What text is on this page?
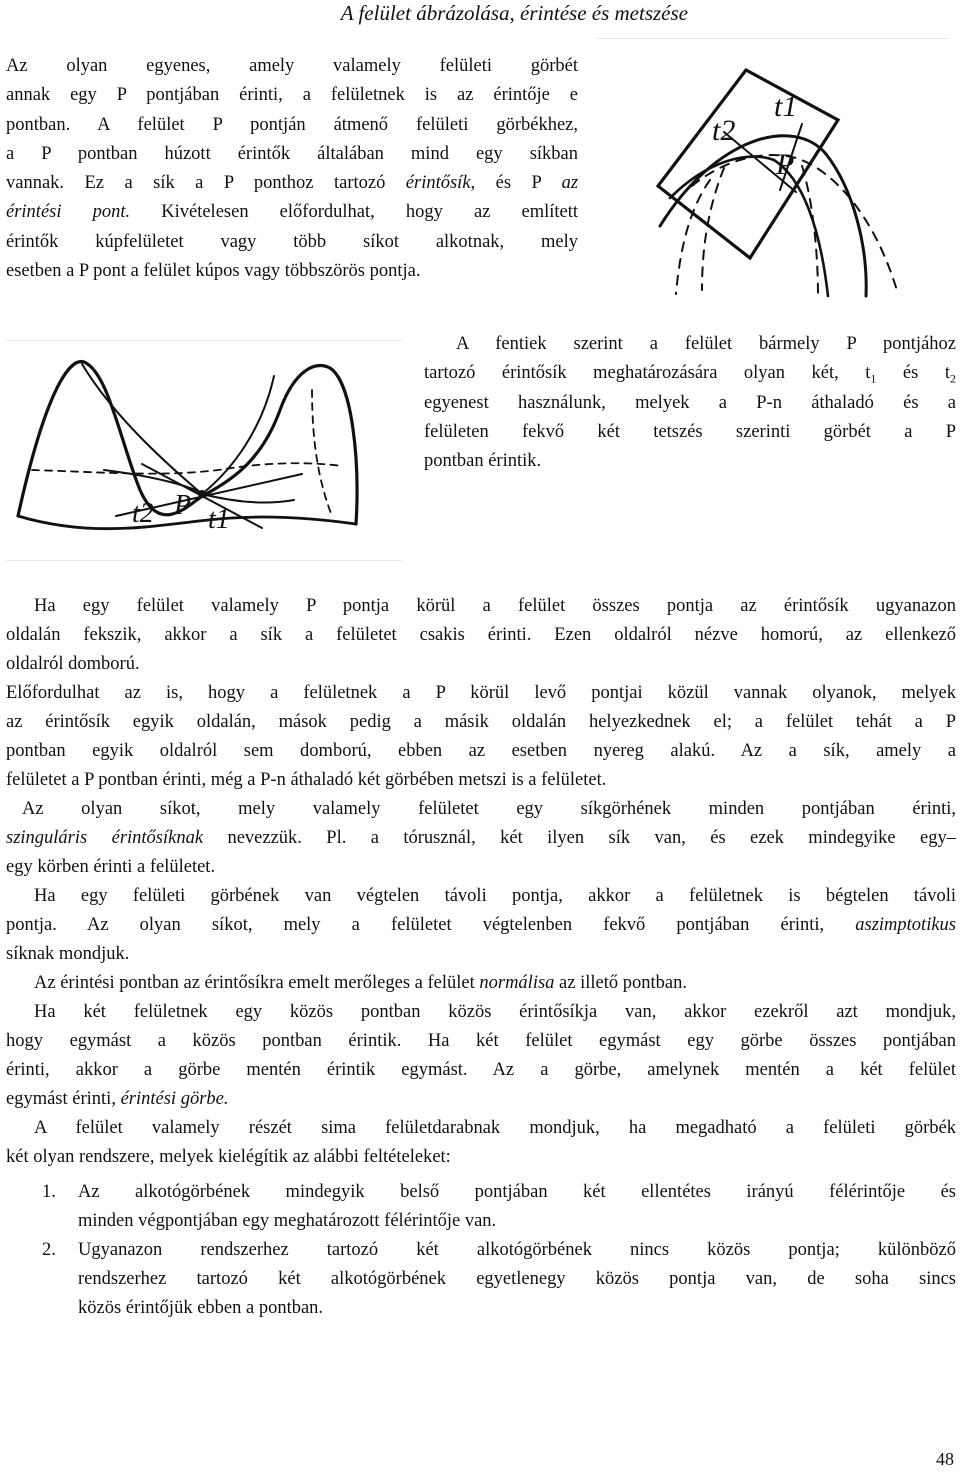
A felület ábrázolása, érintése és metszése
Az olyan egyenes, amely valamely felületi görbét
annak egy P pontjában érinti, a felületnek is az érintője e
pontban. A felület P pontján átmenő felületi görbékhez,
a P pontban húzott érintők általában mind egy síkban
vannak. Ez a sík a P ponthoz tartozó érintősík, és P az
érintési pont. Kivételesen előfordulhat, hogy az említett
érintők kúpfelületet vagy több síkot alkotnak, mely
esetben a P pont a felület kúpos vagy többszörös pontja.
t1
t2
P
t2 P t1
A fentiek szerint a felület bármely P pontjához
tartozó érintősík meghatározására olyan két, $t_1$ és $t_2$
egyenest használunk, melyek a P-n áthaladó és a
felületen fekvő két tetszés szerinti görbét a P
pontban érintik.
Ha egy felület valamely P pontja körül a felület összes pontja az érintősík ugyanazon
oldalán fekszik, akkor a sík a felületet csakis érinti. Ezen oldalról nézve homorú, az ellenkező
oldalról domború.
Előfordulhat az is, hogy a felületnek a P körül levő pontjai közül vannak olyanok, melyek
az érintősík egyik oldalán, mások pedig a másik oldalán helyezkednek el; a felület tehát a P
pontban egyik oldalról sem domború, ebben az esetben nyereg alakú. Az a sík, amely a
felületet a P pontban érinti, még a P-n áthaladó két görbében metszi is a felületet.
Az olyan síkot, mely valamely felületet egy síkgörhének minden pontjában érinti,
szinguláris érintősíknak nevezzük. Pl. a tórusznál, két ilyen sík van, és ezek mindegyike egy–
egy körben érinti a felületet.
Ha egy felületi görbének van végtelen távoli pontja, akkor a felületnek is bégtelen távoli
pontja. Az olyan síkot, mely a felületet végtelenben fekvő pontjában érinti, aszimptotikus
síknak mondjuk.
Az érintési pontban az érintősíkra emelt merőleges a felület normálisa az illető pontban.
Ha két felületnek egy közös pontban közös érintősíkja van, akkor ezekről azt mondjuk,
hogy egymást a közös pontban érintik. Ha két felület egymást egy görbe összes pontjában
érinti, akkor a görbe mentén érintik egymást. Az a görbe, amelynek mentén a két felület
egymást érinti, érintési görbe.
A felület valamely részét sima felületdarabnak mondjuk, ha megadható a felületi görbék
két olyan rendszere, melyek kielégítik az alábbi feltételeket:
1.	Az alkotógörbének mindegyik belső pontjában két ellentétes irányú félérintője és
minden végpontjában egy meghatározott félérintője van.
2.	Ugyanazon rendszerhez tartozó két alkotógörbének nincs közös pontja; különböző
rendszerhez tartozó két alkotógörbének egyetlenegy közös pontja van, de soha sincs
közös érintőjük ebben a pontban.
48
